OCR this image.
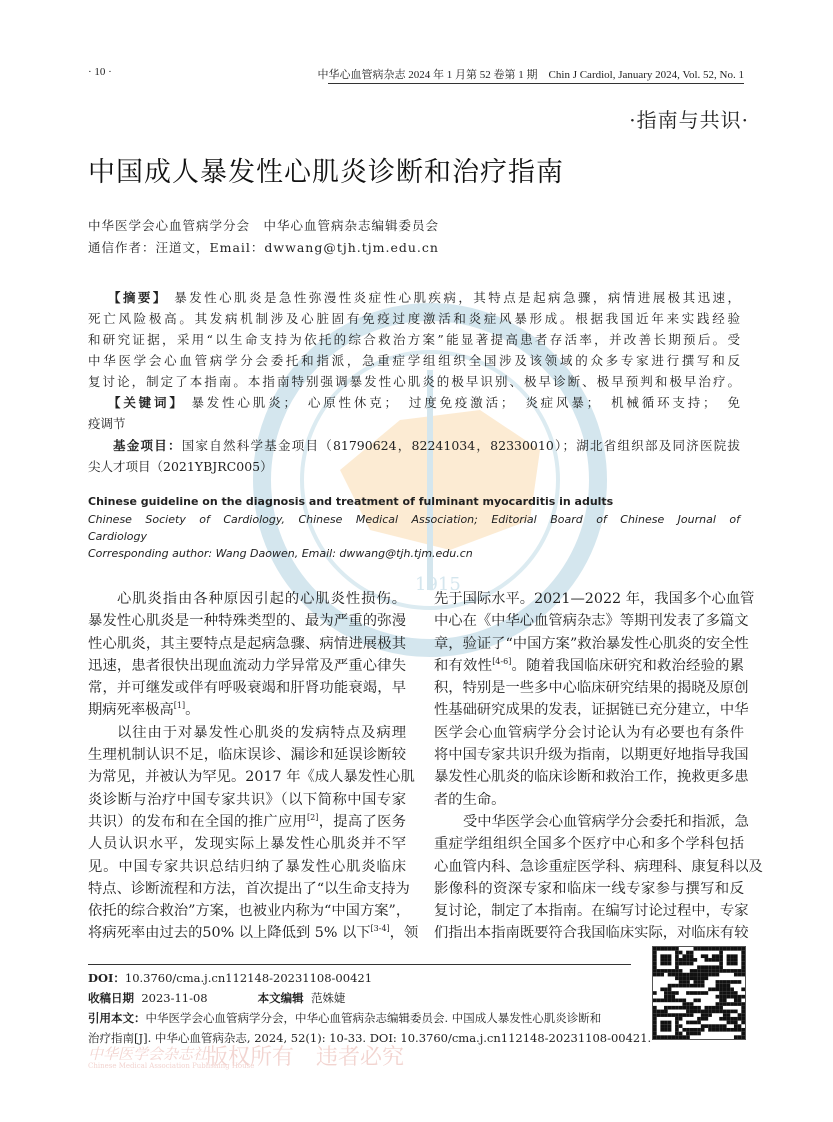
1915
· 10 ·	中华心血管病杂志 2024 年 1 月第 52 卷第 1 期　Chin J Cardiol, January 2024, Vol. 52, No. 1
·指南与共识·
中国成人暴发性心肌炎诊断和治疗指南
中华医学会心血管病学分会　中华心血管病杂志编辑委员会
通信作者：汪道文，Email：dwwang@tjh.tjm.edu.cn
【摘要】 暴发性心肌炎是急性弥漫性炎症性心肌疾病，其特点是起病急骤，病情进展极其迅速，
死亡风险极高。其发病机制涉及心脏固有免疫过度激活和炎症风暴形成。根据我国近年来实践经验
和研究证据，采用“以生命支持为依托的综合救治方案”能显著提高患者存活率，并改善长期预后。受
中华医学会心血管病学分会委托和指派，急重症学组组织全国涉及该领域的众多专家进行撰写和反
复讨论，制定了本指南。本指南特别强调暴发性心肌炎的极早识别、极早诊断、极早预判和极早治疗。
【关键词】 暴发性心肌炎；　心原性休克；　过度免疫激活；　炎症风暴；　机械循环支持；　免
疫调节
基金项目：国家自然科学基金项目（81790624，82241034，82330010）；湖北省组织部及同济医院拔
尖人才项目（2021YBJRC005）
Chinese guideline on the diagnosis and treatment of fulminant myocarditis in adults
Chinese Society of Cardiology, Chinese Medical Association; Editorial Board of Chinese Journal of
Cardiology
Corresponding author: Wang Daowen, Email: dwwang@tjh.tjm.edu.cn
心肌炎指由各种原因引起的心肌炎性损伤。
暴发性心肌炎是一种特殊类型的、最为严重的弥漫
性心肌炎，其主要特点是起病急骤、病情进展极其
迅速，患者很快出现血流动力学异常及严重心律失
常，并可继发或伴有呼吸衰竭和肝肾功能衰竭，早
期病死率极高[1]。
以往由于对暴发性心肌炎的发病特点及病理
生理机制认识不足，临床误诊、漏诊和延误诊断较
为常见，并被认为罕见。2017 年《成人暴发性心肌
炎诊断与治疗中国专家共识》（以下简称中国专家
共识）的发布和在全国的推广应用[2]，提高了医务
人员认识水平，发现实际上暴发性心肌炎并不罕
见。中国专家共识总结归纳了暴发性心肌炎临床
特点、诊断流程和方法，首次提出了“以生命支持为
依托的综合救治”方案，也被业内称为“中国方案”，
将病死率由过去的50% 以上降低到 5% 以下[3-4]，领
先于国际水平。2021—2022 年，我国多个心血管
中心在《中华心血管病杂志》等期刊发表了多篇文
章，验证了“中国方案”救治暴发性心肌炎的安全性
和有效性[4-6]。随着我国临床研究和救治经验的累
积，特别是一些多中心临床研究结果的揭晓及原创
性基础研究成果的发表，证据链已充分建立，中华
医学会心血管病学分会讨论认为有必要也有条件
将中国专家共识升级为指南，以期更好地指导我国
暴发性心肌炎的临床诊断和救治工作，挽救更多患
者的生命。
受中华医学会心血管病学分会委托和指派，急
重症学组组织全国多个医疗中心和多个学科包括
心血管内科、急诊重症医学科、病理科、康复科以及
影像科的资深专家和临床一线专家参与撰写和反
复讨论，制定了本指南。在编写讨论过程中，专家
们指出本指南既要符合我国临床实际，对临床有较
DOI：10.3760/cma.j.cn112148-20231108-00421
收稿日期 2023-11-08	本文编辑 范姝婕
引用本文：中华医学会心血管病学分会，中华心血管病杂志编辑委员会. 中国成人暴发性心肌炎诊断和
治疗指南[J]. 中华心血管病杂志, 2024, 52(1): 10-33. DOI: 10.3760/cma.j.cn112148-20231108-00421.
中华医学会杂志社
Chinese Medical Association Publishing House
版权所有　违者必究
